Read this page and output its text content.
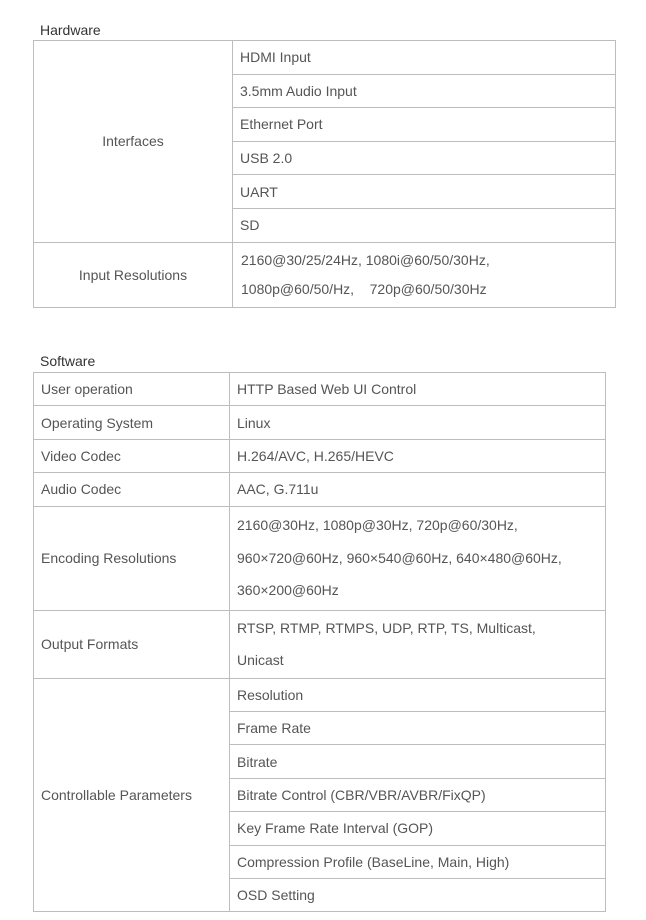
Hardware
Interfaces	HDMI Input
	3.5mm Audio Input
	Ethernet Port
	USB 2.0
	UART
	SD
Input Resolutions	2160@30/25/24Hz, 1080i@60/50/30Hz,
1080p@60/50/Hz,    720p@60/50/30Hz
Software
User operation	HTTP Based Web UI Control
Operating System	Linux
Video Codec	H.264/AVC, H.265/HEVC
Audio Codec	AAC, G.711u
Encoding Resolutions	2160@30Hz, 1080p@30Hz, 720p@60/30Hz,
960×720@60Hz, 960×540@60Hz, 640×480@60Hz,
360×200@60Hz

Output Formats	RTSP, RTMP, RTMPS, UDP, RTP, TS, Multicast,
Unicast

Controllable Parameters	Resolution
	Frame Rate
	Bitrate
	Bitrate Control (CBR/VBR/AVBR/FixQP)
	Key Frame Rate Interval (GOP)
	Compression Profile (BaseLine, Main, High)
	OSD Setting
